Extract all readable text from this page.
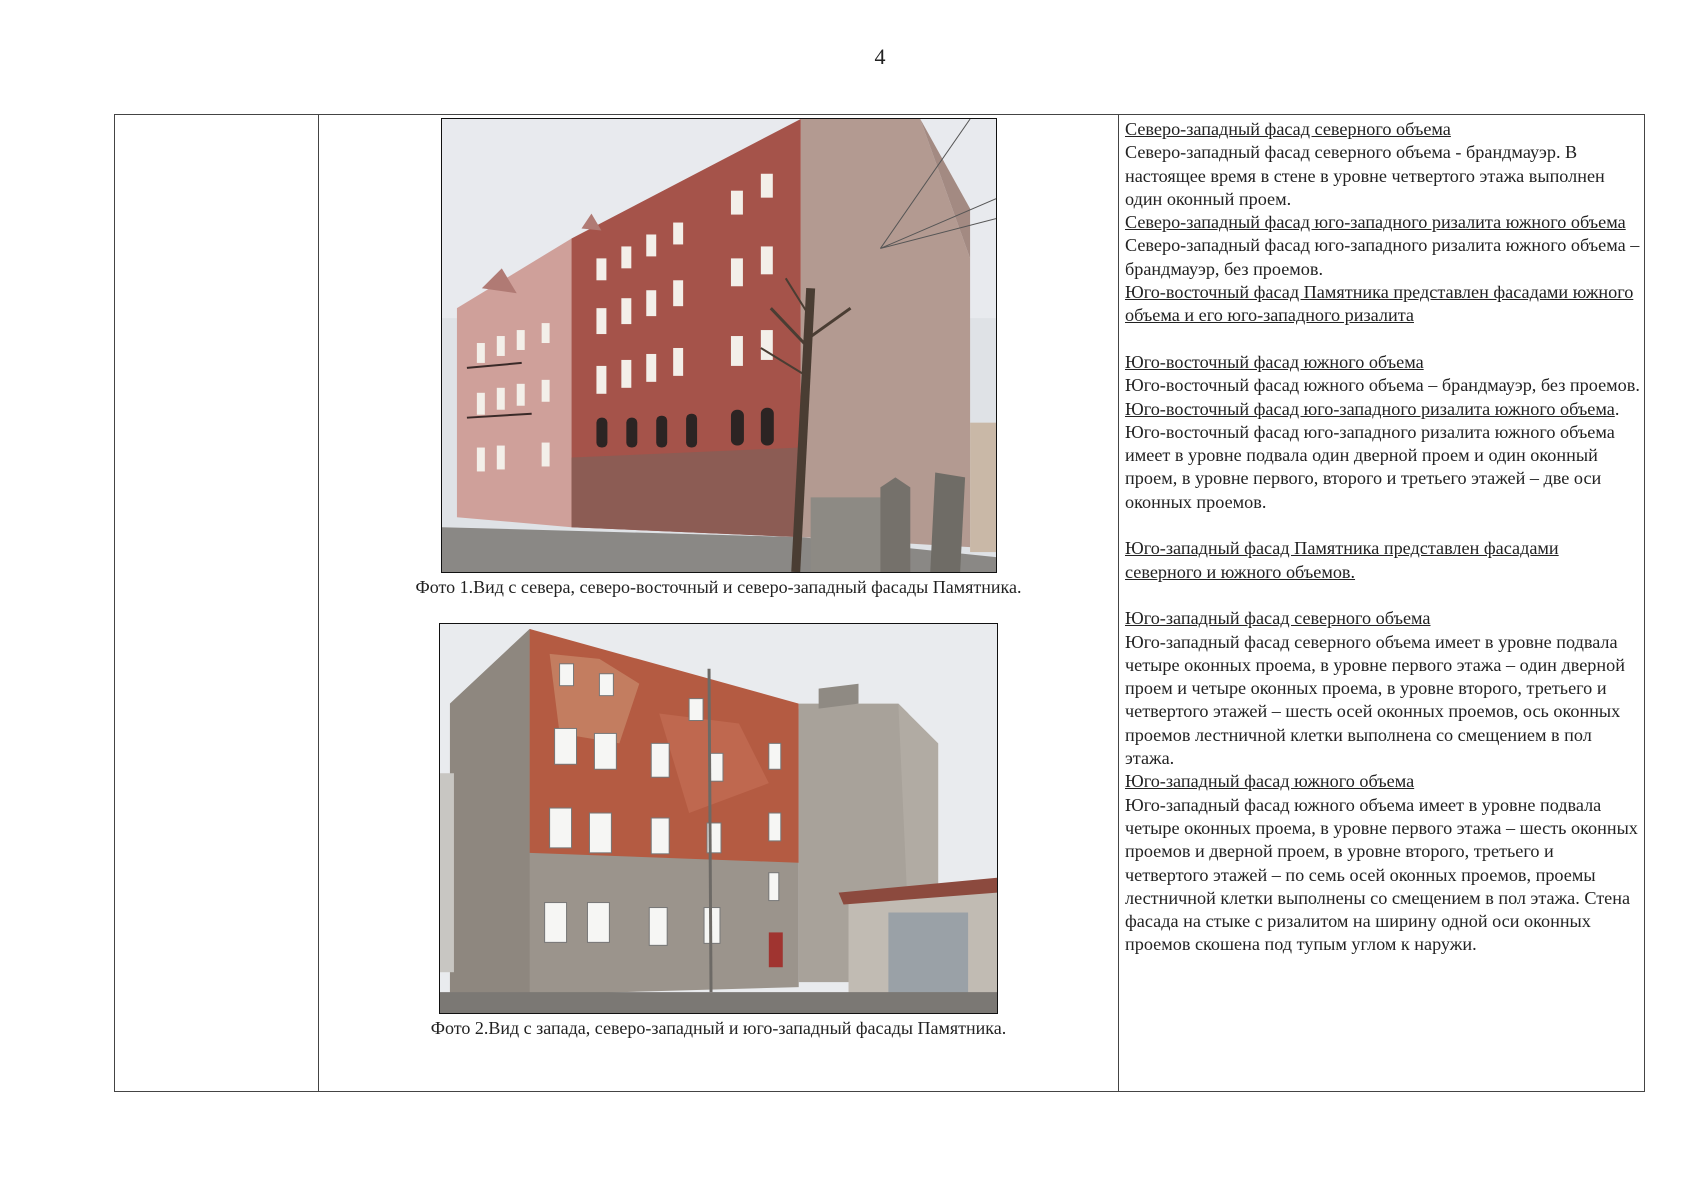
4
Фото 1.Вид с севера, северо-восточный и северо-западный фасады Памятника.
Фото 2.Вид с запада, северо-западный и юго-западный фасады Памятника.

Северо-западный фасад северного объема

Северо-западный фасад северного объема - брандмауэр. В настоящее время в стене в уровне четвертого этажа выполнен один оконный проем.

Северо-западный фасад юго-западного ризалита южного объема

Северо-западный фасад юго-западного ризалита южного объема – брандмауэр, без проемов.

Юго-восточный фасад Памятника представлен фасадами южного объема и его юго-западного ризалита

Юго-восточный фасад южного объема

Юго-восточный фасад южного объема – брандмауэр, без проемов.

Юго-восточный фасад юго-западного ризалита южного объема.

Юго-восточный фасад юго-западного ризалита южного объема имеет в уровне подвала один дверной проем и один оконный проем, в уровне первого, второго и третьего этажей – две оси оконных проемов.

Юго-западный фасад Памятника представлен фасадами северного и южного объемов.

Юго-западный фасад северного объема

Юго-западный фасад северного объема имеет в уровне подвала четыре оконных проема, в уровне первого этажа – один дверной проем и четыре оконных проема, в уровне второго, третьего и четвертого этажей – шесть осей оконных проемов, ось оконных проемов лестничной клетки выполнена со смещением в пол этажа.

Юго-западный фасад южного объема

Юго-западный фасад южного объема имеет в уровне подвала четыре оконных проема, в уровне первого этажа – шесть оконных проемов и дверной проем, в уровне второго, третьего и четвертого этажей – по семь осей оконных проемов, проемы лестничной клетки выполнены со смещением в пол этажа. Стена фасада на стыке с ризалитом на ширину одной оси оконных проемов скошена под тупым углом к наружи.
